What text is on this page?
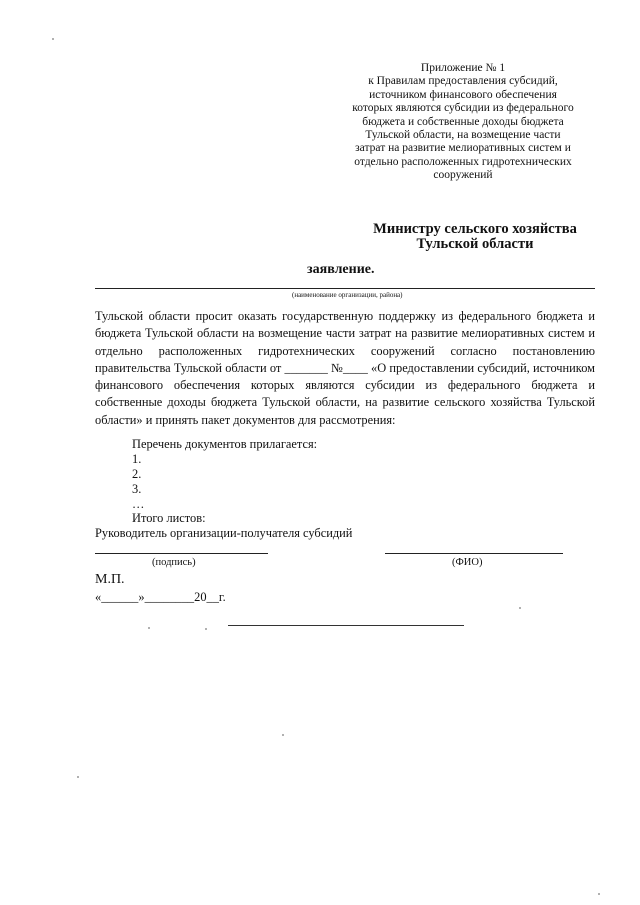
Приложение № 1
к Правилам предоставления субсидий,
источником финансового обеспечения
которых являются субсидии из федерального
бюджета и собственные доходы бюджета
Тульской области, на возмещение части
затрат на развитие мелиоративных систем и
отдельно расположенных гидротехнических
сооружений
Министру сельского хозяйства
Тульской области
заявление.
(наименование организации, района)

Тульской области просит оказать государственную поддержку из федерального бюджета и бюджета Тульской области на возмещение части затрат на развитие мелиоративных систем и отдельно расположенных гидротехнических сооружений согласно постановлению правительства Тульской области от _______ №____ «О предоставлении субсидий, источником финансового обеспечения которых являются субсидии из федерального бюджета и собственные доходы бюджета Тульской области, на развитие сельского хозяйства Тульской области» и принять пакет документов для рассмотрения:

Перечень документов прилагается:
1.
2.
3.
…
Итого листов:
Руководитель организации-получателя субсидий
(подпись)	(ФИО)
М.П.
«______»________20__г.
